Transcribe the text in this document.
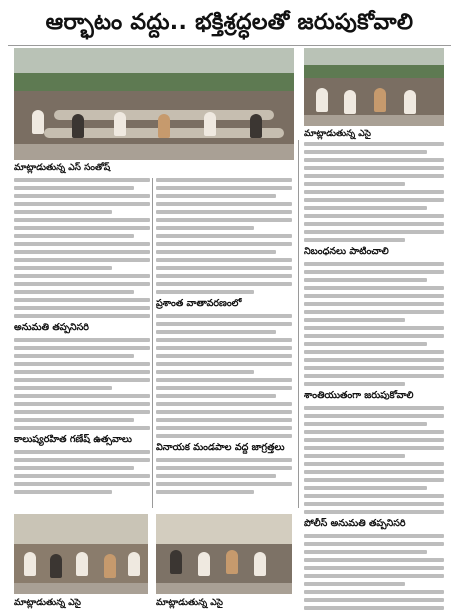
ఆర్భాటం వద్దు.. భక్తిశ్రద్ధలతో జరుపుకోవాలి
మాట్లాడుతున్న ఎస్ సంతోష్
మాట్లాడుతున్న ఎసై
అనుమతి తప్పనిసరి
కాలుష్యరహిత గణేష్ ఉత్సవాలు
ప్రశాంత వాతావరణంలో
వినాయక మండపాల వద్ద జాగ్రత్తలు
నిబంధనలు పాటించాలి
శాంతియుతంగా జరుపుకోవాలి
పోలీస్ అనుమతి తప్పనిసరి
మాట్లాడుతున్న ఎసై	మాట్లాడుతున్న ఎసై
